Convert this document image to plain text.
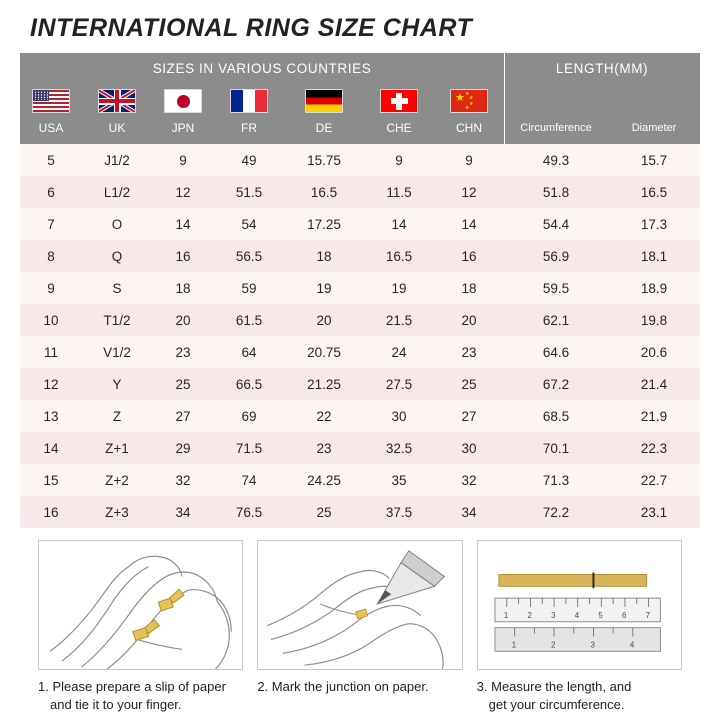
INTERNATIONAL RING SIZE CHART
SIZES IN VARIOUS COUNTRIES							LENGTH(MM)	

						★ ★
★
★
★		

USA	UK	JPN	FR	DE	CHE	CHN	Circumference	Diameter
5	J1/2	9	49	15.75	9	9	49.3	15.7
6	L1/2	12	51.5	16.5	11.5	12	51.8	16.5
7	O	14	54	17.25	14	14	54.4	17.3
8	Q	16	56.5	18	16.5	16	56.9	18.1
9	S	18	59	19	19	18	59.5	18.9
10	T1/2	20	61.5	20	21.5	20	62.1	19.8
11	V1/2	23	64	20.75	24	23	64.6	20.6
12	Y	25	66.5	21.25	27.5	25	67.2	21.4
13	Z	27	69	22	30	27	68.5	21.9
14	Z+1	29	71.5	23	32.5	30	70.1	22.3
15	Z+2	32	74	24.25	35	32	71.3	22.7
16	Z+3	34	76.5	25	37.5	34	72.2	23.1
1. Please prepare a slip of paper
and tie it to your finger.
2. Mark the junction on paper.
1 2 3 4 5 6 7
1	2	3	4
3. Measure the length, and
get your circumference.
